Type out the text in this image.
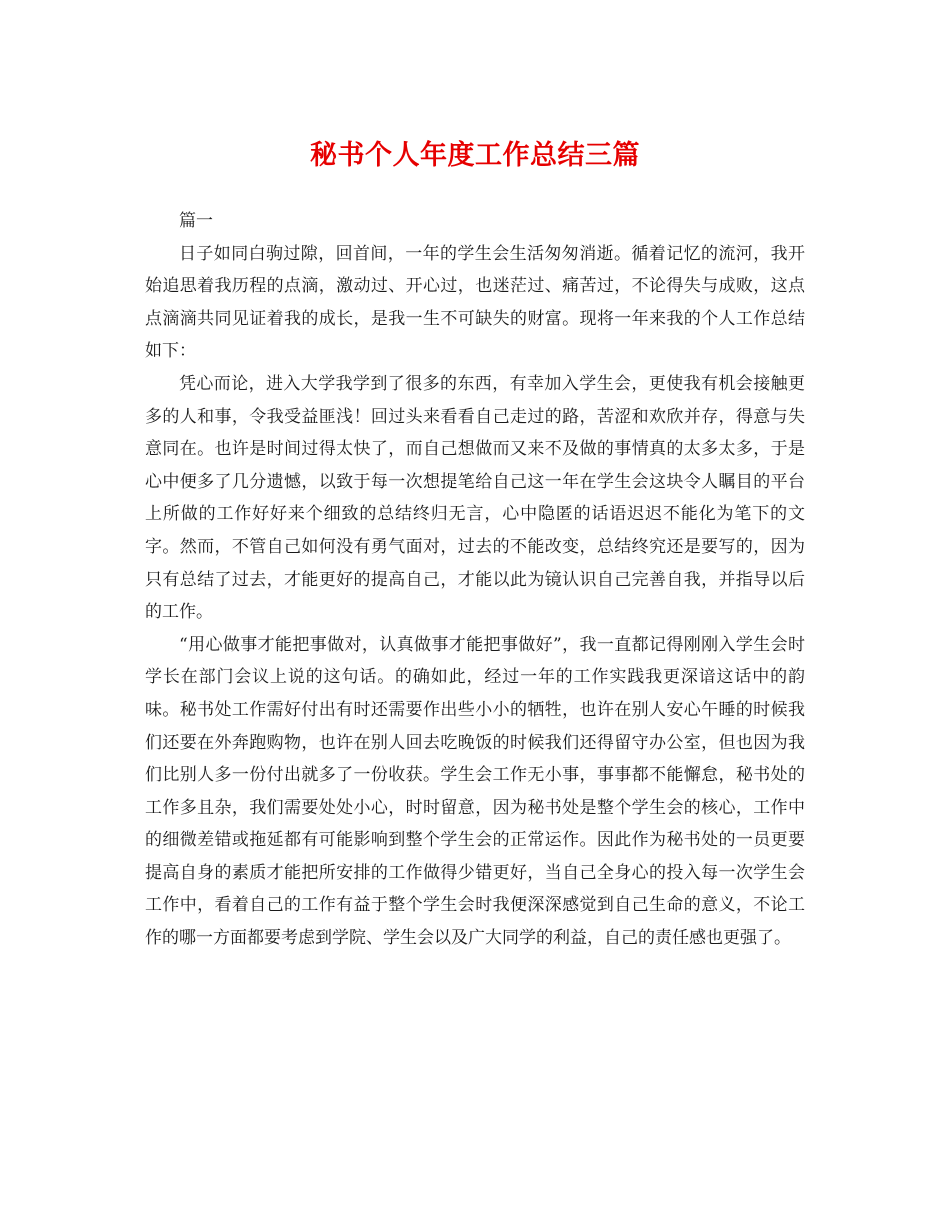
秘书个人年度工作总结三篇

篇一

日子如同白驹过隙，回首间，一年的学生会生活匆匆消逝。循着记忆的流河，我开始追思着我历程的点滴，激动过、开心过，也迷茫过、痛苦过，不论得失与成败，这点点滴滴共同见证着我的成长，是我一生不可缺失的财富。现将一年来我的个人工作总结如下：

凭心而论，进入大学我学到了很多的东西，有幸加入学生会，更使我有机会接触更多的人和事，令我受益匪浅！回过头来看看自己走过的路，苦涩和欢欣并存，得意与失意同在。也许是时间过得太快了，而自己想做而又来不及做的事情真的太多太多，于是心中便多了几分遗憾，以致于每一次想提笔给自己这一年在学生会这块令人瞩目的平台上所做的工作好好来个细致的总结终归无言，心中隐匿的话语迟迟不能化为笔下的文字。然而，不管自己如何没有勇气面对，过去的不能改变，总结终究还是要写的，因为只有总结了过去，才能更好的提高自己，才能以此为镜认识自己完善自我，并指导以后的工作。

“用心做事才能把事做对，认真做事才能把事做好”，我一直都记得刚刚入学生会时学长在部门会议上说的这句话。的确如此，经过一年的工作实践我更深谙这话中的韵味。秘书处工作需好付出有时还需要作出些小小的牺牲，也许在别人安心午睡的时候我们还要在外奔跑购物，也许在别人回去吃晚饭的时候我们还得留守办公室，但也因为我们比别人多一份付出就多了一份收获。学生会工作无小事，事事都不能懈怠，秘书处的工作多且杂，我们需要处处小心，时时留意，因为秘书处是整个学生会的核心，工作中的细微差错或拖延都有可能影响到整个学生会的正常运作。因此作为秘书处的一员更要提高自身的素质才能把所安排的工作做得少错更好，当自己全身心的投入每一次学生会工作中，看着自己的工作有益于整个学生会时我便深深感觉到自己生命的意义，不论工作的哪一方面都要考虑到学院、学生会以及广大同学的利益，自己的责任感也更强了。
